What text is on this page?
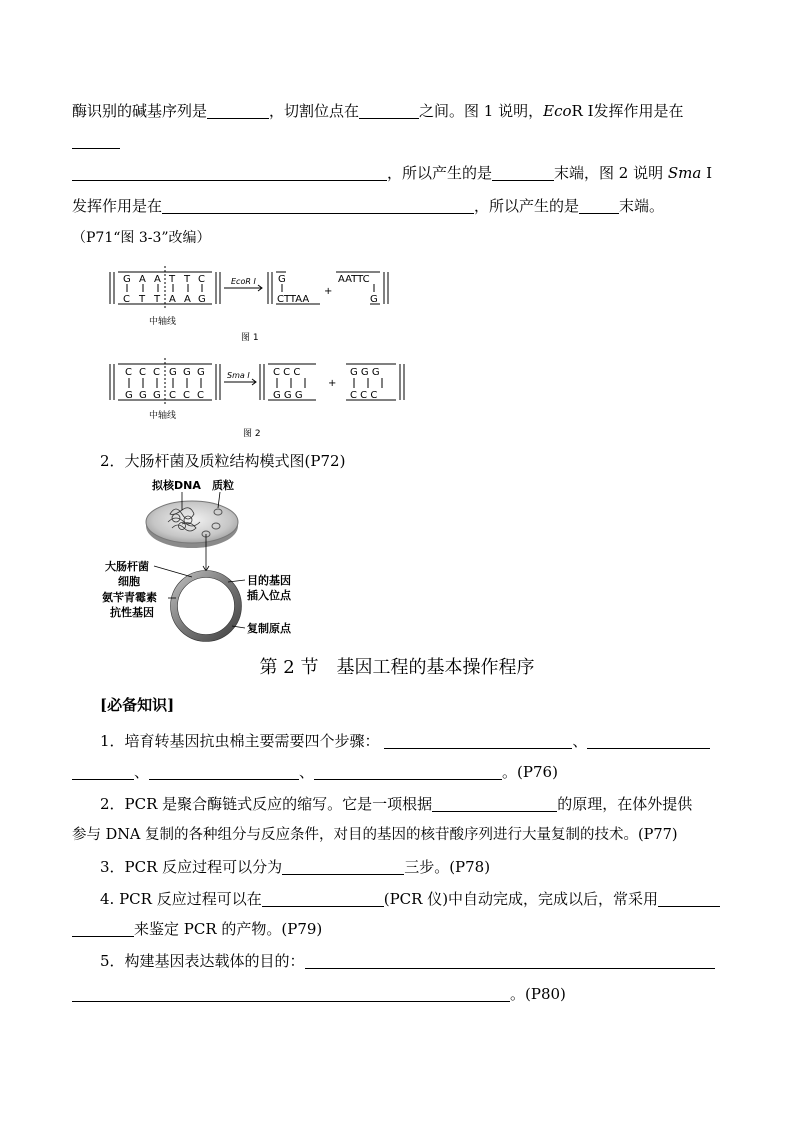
酶识别的碱基序列是	，切割位点在	之间。图 1 说明，EcoR Ⅰ发挥作用是在
，所以产生的是	末端，图 2 说明 Sma Ⅰ
发挥作用是在	，所以产生的是	末端。
（P71“图 3-3”改编）
G A A T T C
C T T A A G
EcoR Ⅰ G
CTTAA
+
AATTC
G
中轴线
图 1
C C C G G G
G G G C C C
Sma Ⅰ C C C
G G G
+
G G G
C C C
中轴线
图 2
2．大肠杆菌及质粒结构模式图(P72)
拟核DNA 质粒
大肠杆菌
细胞
氨苄青霉素
抗性基因
目的基因
插入位点
复制原点
第 2 节　基因工程的基本操作程序
[必备知识]
1．培育转基因抗虫棉主要需要四个步骤：	、
、	、	。(P76)
2．PCR 是聚合酶链式反应的缩写。它是一项根据	的原理，在体外提供
参与 DNA 复制的各种组分与反应条件，对目的基因的核苷酸序列进行大量复制的技术。(P77)
3．PCR 反应过程可以分为	三步。(P78)
4. PCR 反应过程可以在	(PCR 仪)中自动完成，完成以后，常采用
来鉴定 PCR 的产物。(P79)
5．构建基因表达载体的目的：
。(P80)
